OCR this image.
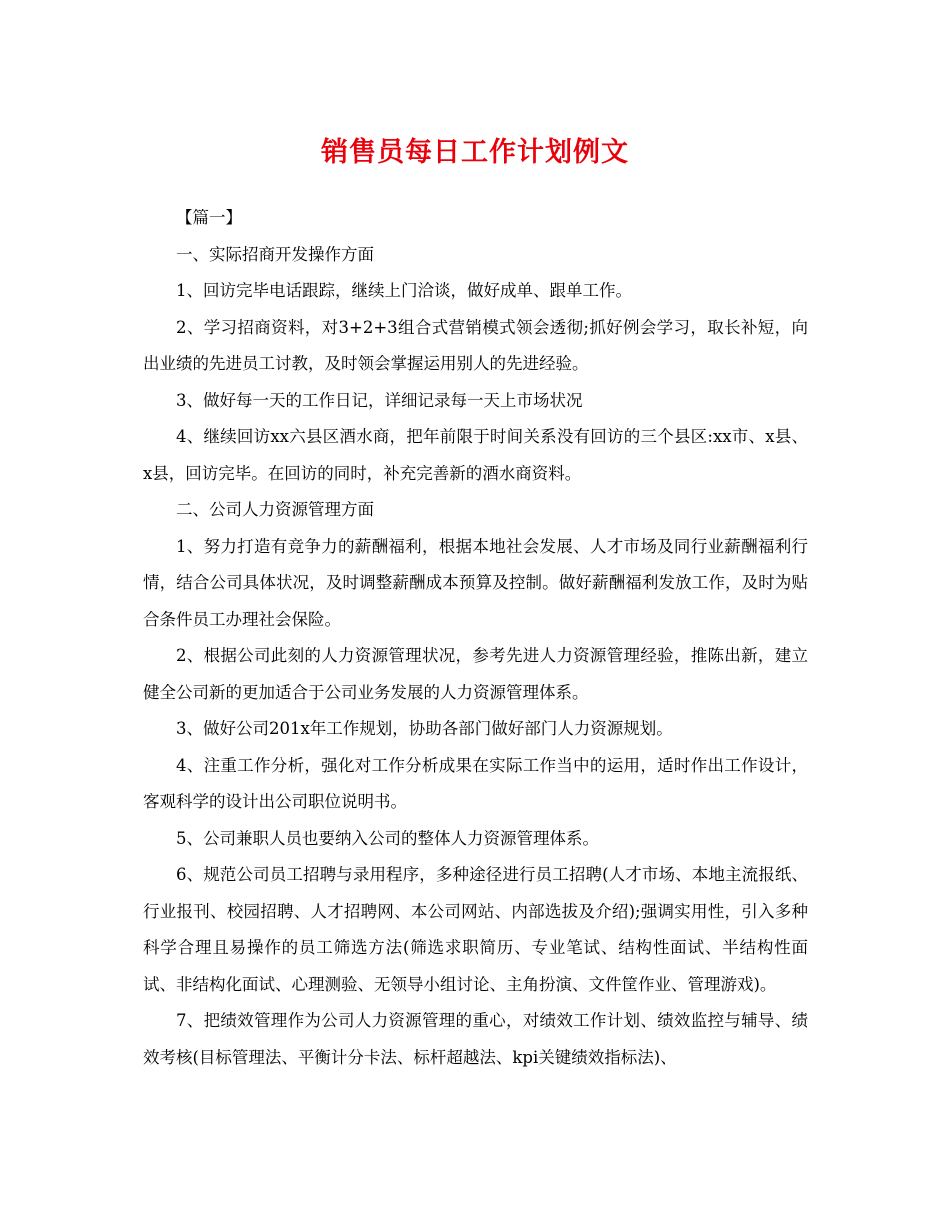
销售员每日工作计划例文

【篇一】

一、实际招商开发操作方面

1、回访完毕电话跟踪，继续上门洽谈，做好成单、跟单工作。

2、学习招商资料，对3+2+3组合式营销模式领会透彻;抓好例会学习，取长补短，向出业绩的先进员工讨教，及时领会掌握运用别人的先进经验。

3、做好每一天的工作日记，详细记录每一天上市场状况

4、继续回访xx六县区酒水商，把年前限于时间关系没有回访的三个县区:xx市、x县、x县，回访完毕。在回访的同时，补充完善新的酒水商资料。

二、公司人力资源管理方面

1、努力打造有竞争力的薪酬福利，根据本地社会发展、人才市场及同行业薪酬福利行情，结合公司具体状况，及时调整薪酬成本预算及控制。做好薪酬福利发放工作，及时为贴合条件员工办理社会保险。

2、根据公司此刻的人力资源管理状况，参考先进人力资源管理经验，推陈出新，建立健全公司新的更加适合于公司业务发展的人力资源管理体系。

3、做好公司201x年工作规划，协助各部门做好部门人力资源规划。

4、注重工作分析，强化对工作分析成果在实际工作当中的运用，适时作出工作设计，客观科学的设计出公司职位说明书。

5、公司兼职人员也要纳入公司的整体人力资源管理体系。

6、规范公司员工招聘与录用程序，多种途径进行员工招聘(人才市场、本地主流报纸、行业报刊、校园招聘、人才招聘网、本公司网站、内部选拔及介绍);强调实用性，引入多种科学合理且易操作的员工筛选方法(筛选求职简历、专业笔试、结构性面试、半结构性面试、非结构化面试、心理测验、无领导小组讨论、主角扮演、文件筐作业、管理游戏)。

7、把绩效管理作为公司人力资源管理的重心，对绩效工作计划、绩效监控与辅导、绩效考核(目标管理法、平衡计分卡法、标杆超越法、kpi关键绩效指标法)、
